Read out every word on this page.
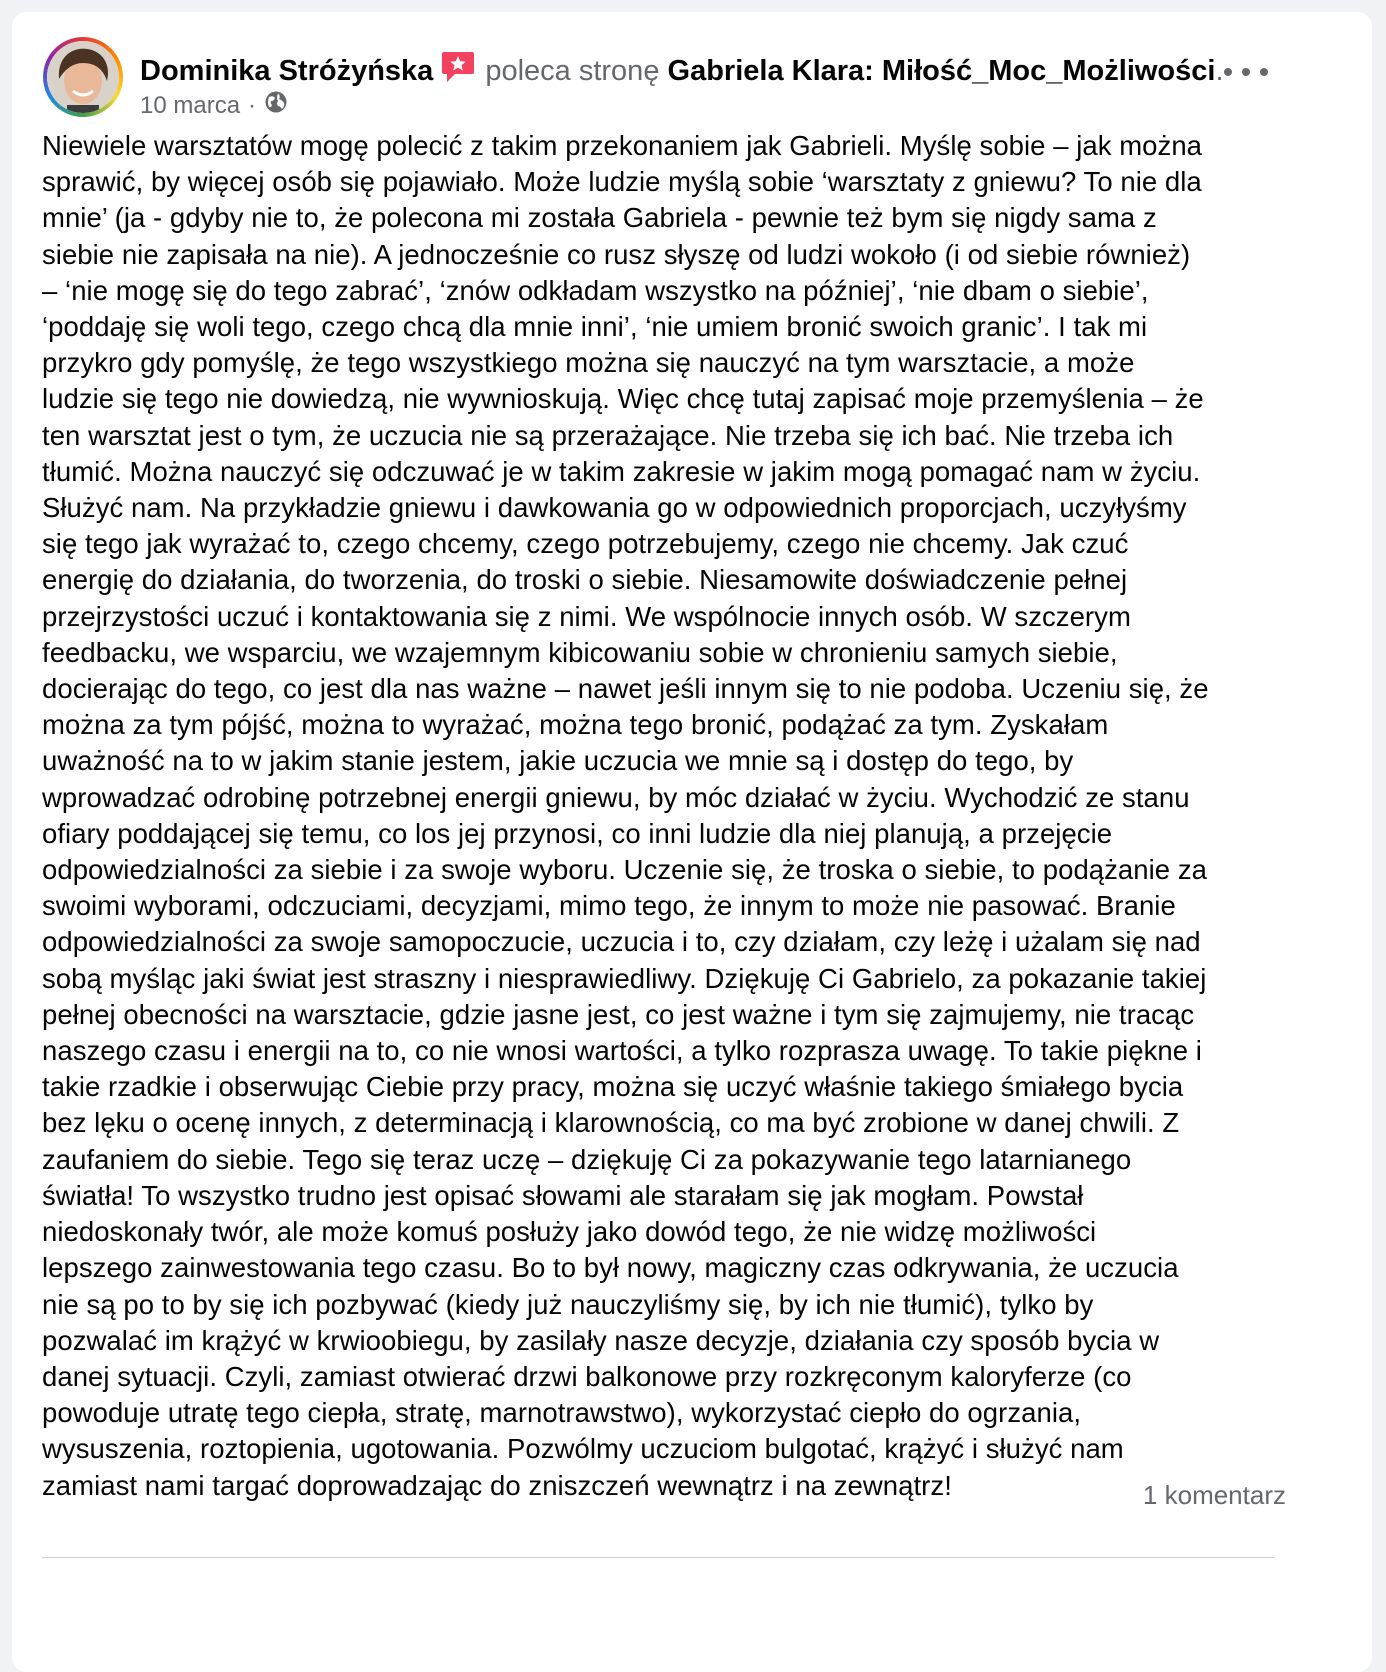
Dominika Stróżyńska poleca stronę Gabriela Klara: Miłość_Moc_Możliwości.
10 marca ·
Niewiele warsztatów mogę polecić z takim przekonaniem jak Gabrieli. Myślę sobie – jak można
sprawić, by więcej osób się pojawiało. Może ludzie myślą sobie ‘warsztaty z gniewu? To nie dla
mnie’ (ja - gdyby nie to, że polecona mi została Gabriela - pewnie też bym się nigdy sama z
siebie nie zapisała na nie). A jednocześnie co rusz słyszę od ludzi wokoło (i od siebie również)
– ‘nie mogę się do tego zabrać’, ‘znów odkładam wszystko na później’, ‘nie dbam o siebie’,
‘poddaję się woli tego, czego chcą dla mnie inni’, ‘nie umiem bronić swoich granic’. I tak mi
przykro gdy pomyślę, że tego wszystkiego można się nauczyć na tym warsztacie, a może
ludzie się tego nie dowiedzą, nie wywnioskują. Więc chcę tutaj zapisać moje przemyślenia – że
ten warsztat jest o tym, że uczucia nie są przerażające. Nie trzeba się ich bać. Nie trzeba ich
tłumić. Można nauczyć się odczuwać je w takim zakresie w jakim mogą pomagać nam w życiu.
Służyć nam. Na przykładzie gniewu i dawkowania go w odpowiednich proporcjach, uczyłyśmy
się tego jak wyrażać to, czego chcemy, czego potrzebujemy, czego nie chcemy. Jak czuć
energię do działania, do tworzenia, do troski o siebie. Niesamowite doświadczenie pełnej
przejrzystości uczuć i kontaktowania się z nimi. We wspólnocie innych osób. W szczerym
feedbacku, we wsparciu, we wzajemnym kibicowaniu sobie w chronieniu samych siebie,
docierając do tego, co jest dla nas ważne – nawet jeśli innym się to nie podoba. Uczeniu się, że
można za tym pójść, można to wyrażać, można tego bronić, podążać za tym. Zyskałam
uważność na to w jakim stanie jestem, jakie uczucia we mnie są i dostęp do tego, by
wprowadzać odrobinę potrzebnej energii gniewu, by móc działać w życiu. Wychodzić ze stanu
ofiary poddającej się temu, co los jej przynosi, co inni ludzie dla niej planują, a przejęcie
odpowiedzialności za siebie i za swoje wyboru. Uczenie się, że troska o siebie, to podążanie za
swoimi wyborami, odczuciami, decyzjami, mimo tego, że innym to może nie pasować. Branie
odpowiedzialności za swoje samopoczucie, uczucia i to, czy działam, czy leżę i użalam się nad
sobą myśląc jaki świat jest straszny i niesprawiedliwy. Dziękuję Ci Gabrielo, za pokazanie takiej
pełnej obecności na warsztacie, gdzie jasne jest, co jest ważne i tym się zajmujemy, nie tracąc
naszego czasu i energii na to, co nie wnosi wartości, a tylko rozprasza uwagę. To takie piękne i
takie rzadkie i obserwując Ciebie przy pracy, można się uczyć właśnie takiego śmiałego bycia
bez lęku o ocenę innych, z determinacją i klarownością, co ma być zrobione w danej chwili. Z
zaufaniem do siebie. Tego się teraz uczę – dziękuję Ci za pokazywanie tego latarnianego
światła! To wszystko trudno jest opisać słowami ale starałam się jak mogłam. Powstał
niedoskonały twór, ale może komuś posłuży jako dowód tego, że nie widzę możliwości
lepszego zainwestowania tego czasu. Bo to był nowy, magiczny czas odkrywania, że uczucia
nie są po to by się ich pozbywać (kiedy już nauczyliśmy się, by ich nie tłumić), tylko by
pozwalać im krążyć w krwioobiegu, by zasilały nasze decyzje, działania czy sposób bycia w
danej sytuacji. Czyli, zamiast otwierać drzwi balkonowe przy rozkręconym kaloryferze (co
powoduje utratę tego ciepła, stratę, marnotrawstwo), wykorzystać ciepło do ogrzania,
wysuszenia, roztopienia, ugotowania. Pozwólmy uczuciom bulgotać, krążyć i służyć nam
zamiast nami targać doprowadzając do zniszczeń wewnątrz i na zewnątrz!	1 komentarz
